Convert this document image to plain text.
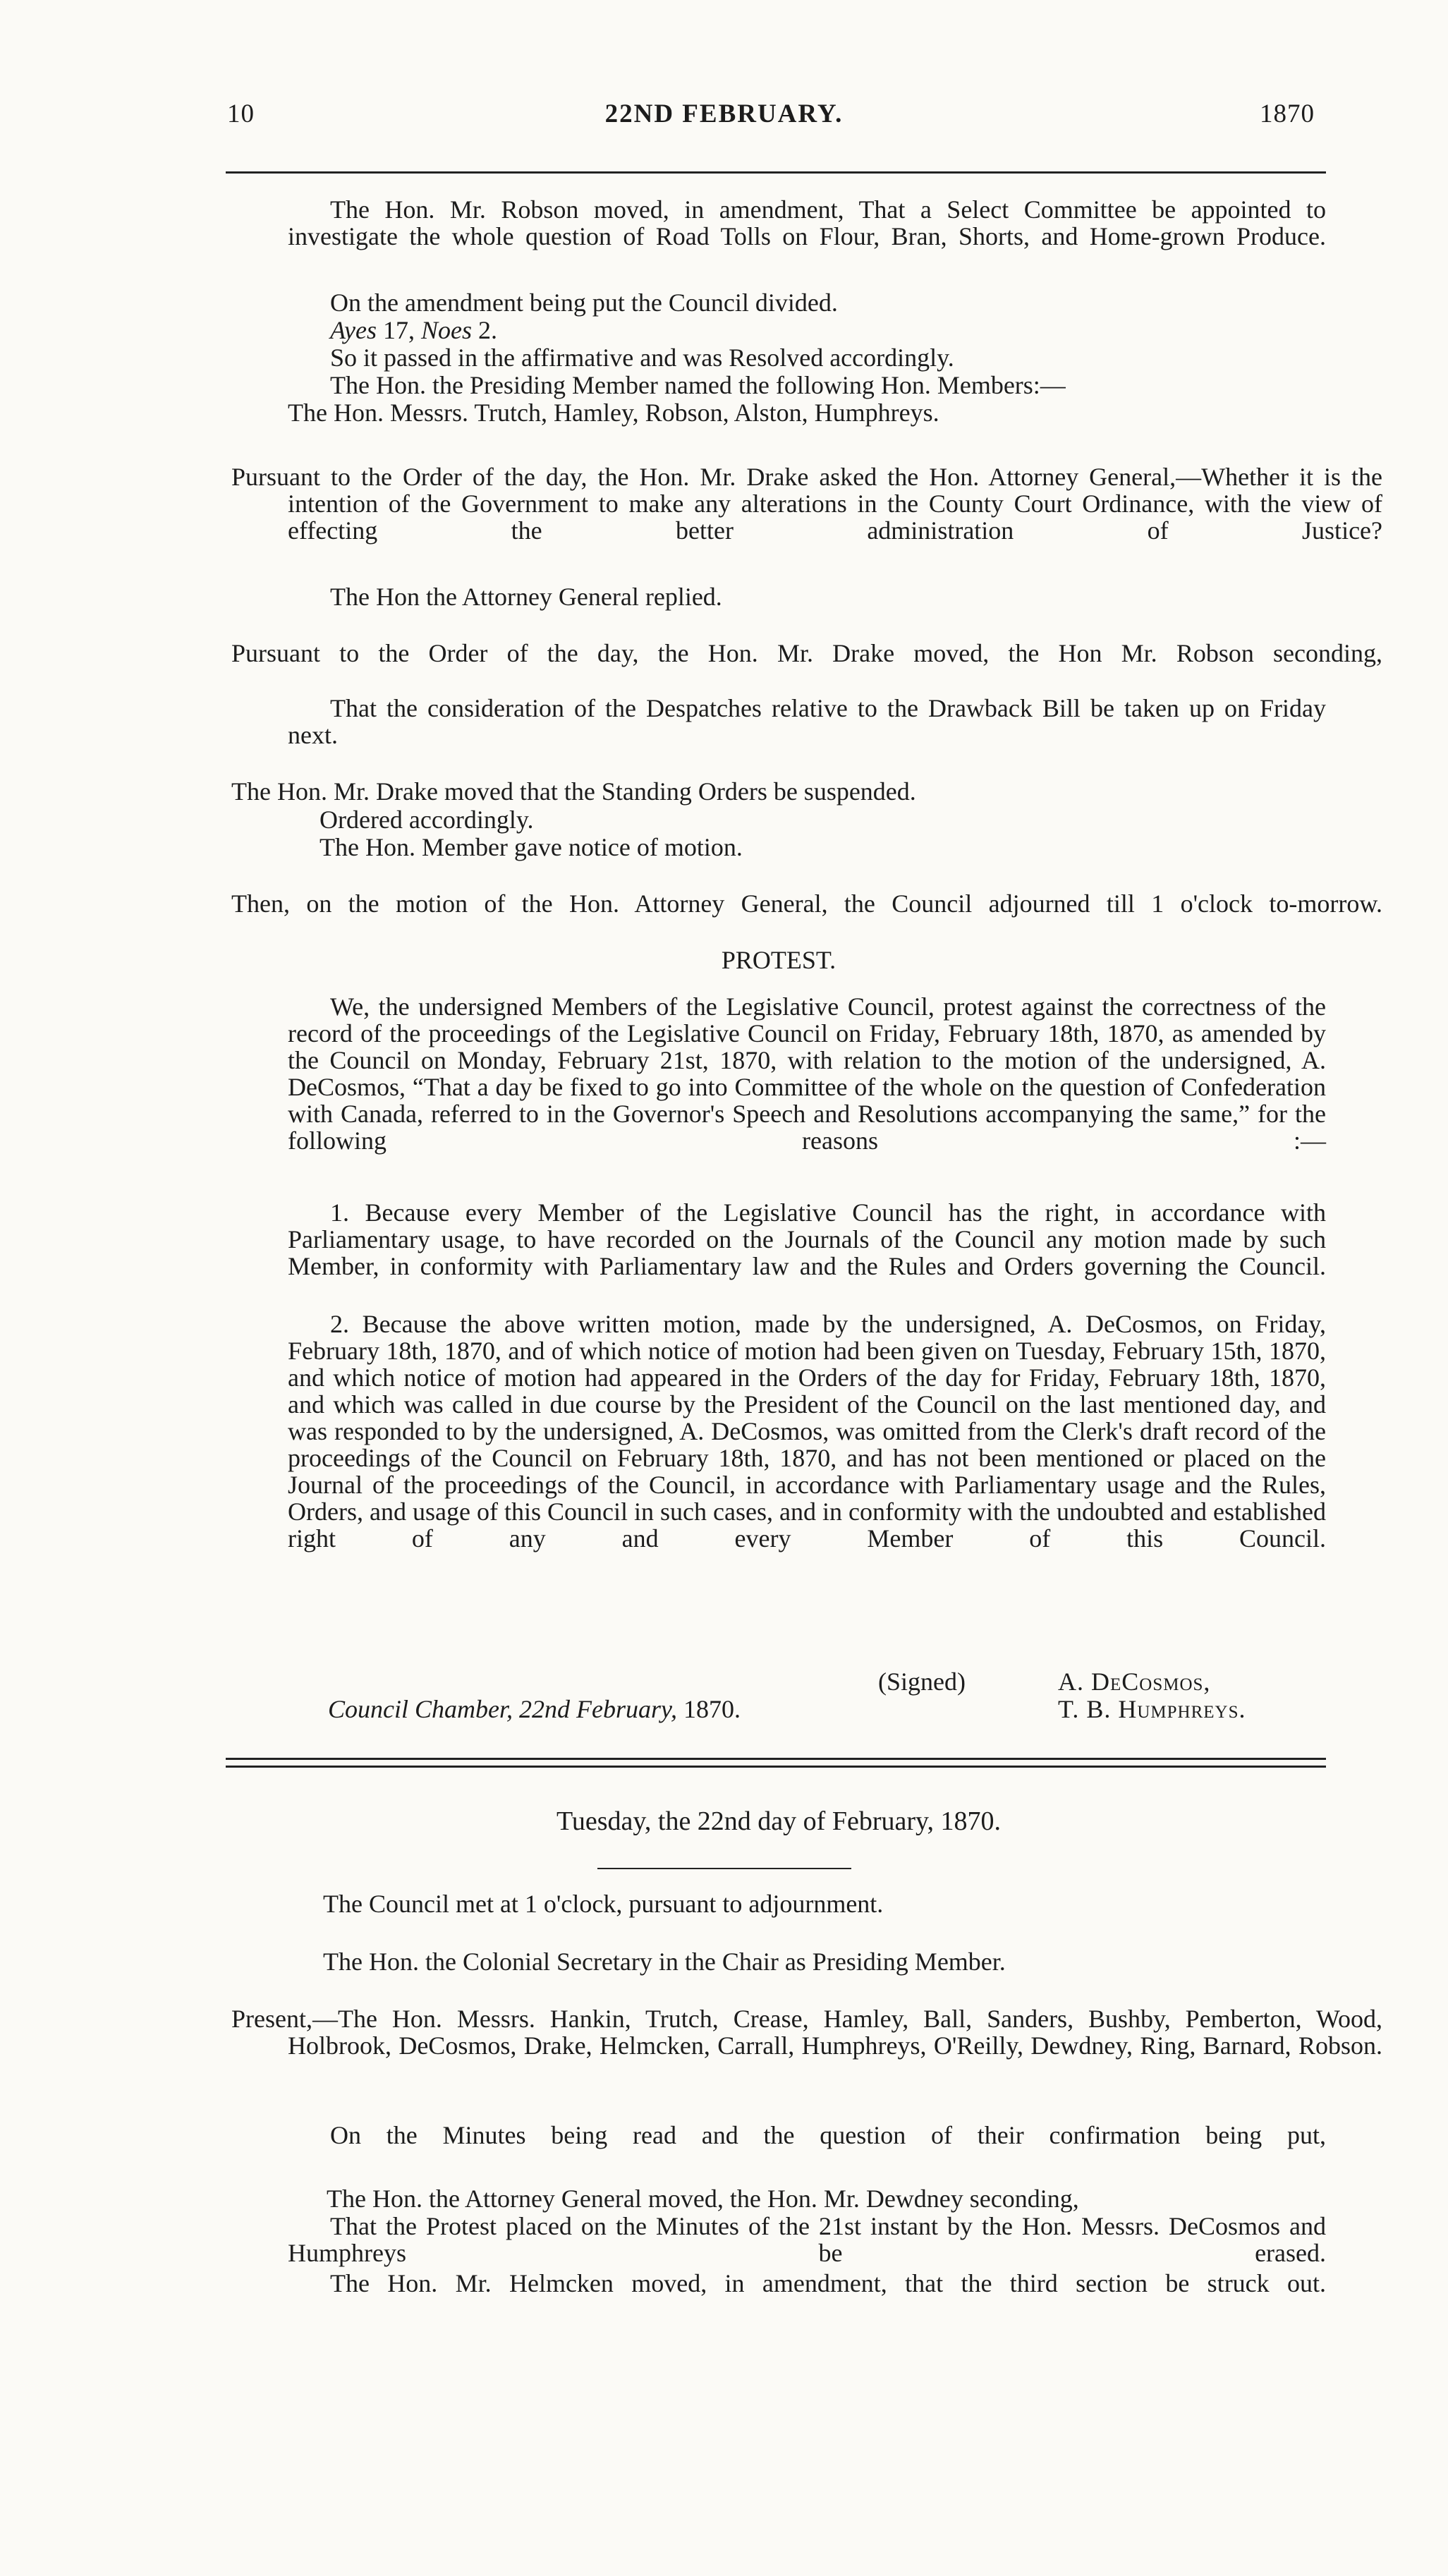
10	22ND FEBRUARY.	1870
The Hon. Mr. Robson moved, in amendment, That a Select Committee be appointed to investigate the whole question of Road Tolls on Flour, Bran, Shorts, and Home-grown Produce.
On the amendment being put the Council divided.
Ayes 17, Noes 2.
So it passed in the affirmative and was Resolved accordingly.
The Hon. the Presiding Member named the following Hon. Members:—
The Hon. Messrs. Trutch, Hamley, Robson, Alston, Humphreys.
Pursuant to the Order of the day, the Hon. Mr. Drake asked the Hon. Attorney General,—Whether it is the intention of the Government to make any alterations in the County Court Ordinance, with the view of effecting the better administration of Justice?
The Hon the Attorney General replied.
Pursuant to the Order of the day, the Hon. Mr. Drake moved, the Hon Mr. Robson seconding,
That the consideration of the Despatches relative to the Drawback Bill be taken up on Friday next.
The Hon. Mr. Drake moved that the Standing Orders be suspended.
Ordered accordingly.
The Hon. Member gave notice of motion.
Then, on the motion of the Hon. Attorney General, the Council adjourned till 1 o'clock to-morrow.
PROTEST.
We, the undersigned Members of the Legislative Council, protest against the correctness of the record of the proceedings of the Legislative Council on Friday, February 18th, 1870, as amended by the Council on Monday, February 21st, 1870, with relation to the motion of the undersigned, A. DeCosmos, “That a day be fixed to go into Committee of the whole on the question of Confederation with Canada, referred to in the Governor's Speech and Resolutions accompanying the same,” for the following reasons :—
1. Because every Member of the Legislative Council has the right, in accordance with Parliamentary usage, to have recorded on the Journals of the Council any motion made by such Member, in conformity with Parliamentary law and the Rules and Orders governing the Council.
2. Because the above written motion, made by the undersigned, A. DeCosmos, on Friday, February 18th, 1870, and of which notice of motion had been given on Tuesday, February 15th, 1870, and which notice of motion had appeared in the Orders of the day for Friday, February 18th, 1870, and which was called in due course by the President of the Council on the last mentioned day, and was responded to by the undersigned, A. DeCosmos, was omitted from the Clerk's draft record of the proceedings of the Council on February 18th, 1870, and has not been mentioned or placed on the Journal of the proceedings of the Council, in accordance with Parliamentary usage and the Rules, Orders, and usage of this Council in such cases, and in conformity with the undoubted and established right of any and every Member of this Council.
(Signed)	A. DeCosmos,
Council Chamber, 22nd February, 1870.	T. B. Humphreys.
Tuesday, the 22nd day of February, 1870.
The Council met at 1 o'clock, pursuant to adjournment.
The Hon. the Colonial Secretary in the Chair as Presiding Member.
Present,—The Hon. Messrs. Hankin, Trutch, Crease, Hamley, Ball, Sanders, Bushby, Pemberton, Wood, Holbrook, DeCosmos, Drake, Helmcken, Carrall, Humphreys, O'Reilly, Dewdney, Ring, Barnard, Robson.
On the Minutes being read and the question of their confirmation being put,
The Hon. the Attorney General moved, the Hon. Mr. Dewdney seconding,
That the Protest placed on the Minutes of the 21st instant by the Hon. Messrs. DeCosmos and Humphreys be erased.
The Hon. Mr. Helmcken moved, in amendment, that the third section be struck out.
